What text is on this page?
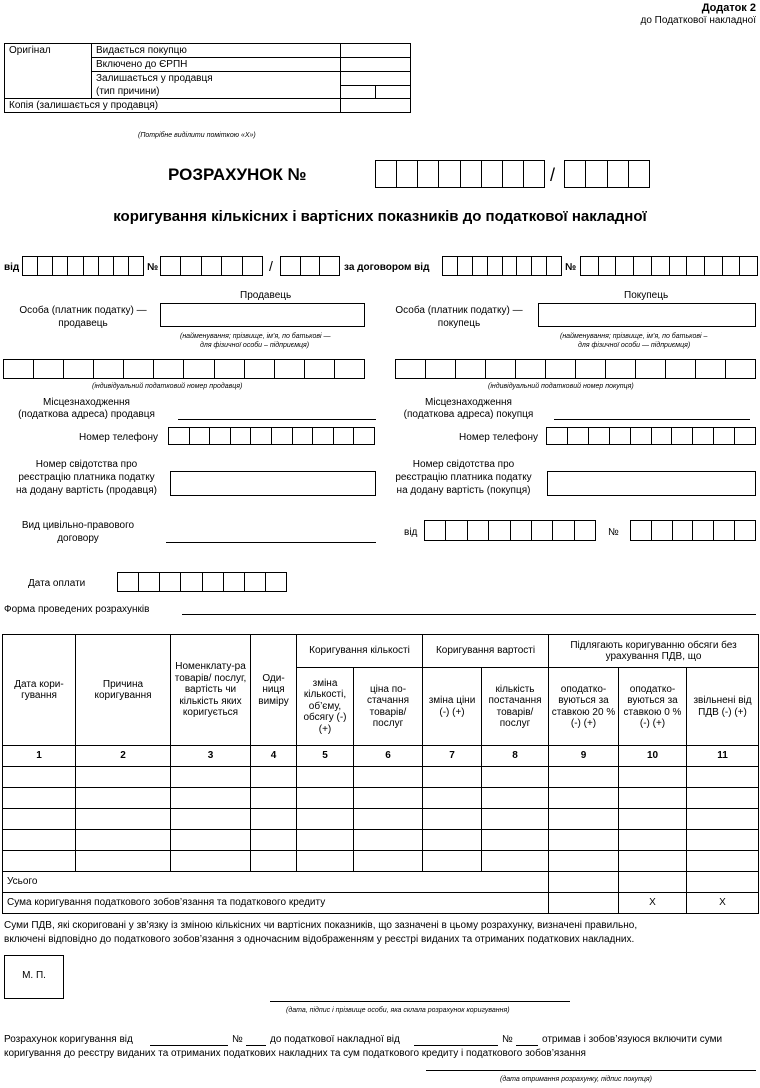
Додаток 2
до Податкової накладної
Оригінал	Видається покупцю		
	Включено до ЄРПН		
	Залишається у продавця		
	(тип причини)		
Копія (залишається у продавця)			
(Потрібне виділити поміткою «Х»)
РОЗРАХУНОК №	/
коригування кількісних і вартісних показників до податкової накладної
від	№	/	за договором від	№
Продавець	Покупець
Особа (платник податку) —
продавець
(найменування; прізвище, ім’я, по батькові —
для фізичної особи – підприємця)
Особа (платник податку) —
покупець
(найменування; прізвище, ім’я, по батькові –
для фізичної особи — підприємця)
(індивідуальний податковий номер продавця)	(індивідуальний податковий номер покупця)
Місцезнаходження
(податкова адреса) продавця
Місцезнаходження
(податкова адреса) покупця
Номер телефону	Номер телефону
Номер свідотства про
реєстрацію платника податку
на додану вартість (продавця)
Номер свідотства про
реєстрацію платника податку
на додану вартість (покупця)
Вид цивільно-правового
договору
від	№
Дата оплати
Форма проведених розрахунків
Дата кори-гування	Причина коригування	Номенклату-ра товарів/ послуг, вартість чи кількість яких коригується	Оди-ниця виміру	Коригування кількості		Коригування вартості		Підлягають коригуванню обсяги без урахування ПДВ, що		
				зміна кількості, об’єму, обсягу (-) (+)	ціна по-стачання товарів/ послуг	зміна ціни (-) (+)	кількість постачання товарів/ послуг	оподатко-вуються за ставкою 20 % (-) (+)	оподатко-вуються за ставкою 0 % (-) (+)	звільнені від ПДВ (-) (+)
1	2	3	4	5	6	7	8	9	10	11

Усього										
Сума коригування податкового зобов’язання та податкового кредиту									X	X
Суми ПДВ, які скориговані у зв’язку із зміною кількісних чи вартісних показників, що зазначені в цьому розрахунку, визначені правильно,
включені відповідно до податкового зобов’язання з одночасним відображенням у реєстрі виданих та отриманих податкових накладних.
М. П.
(дата, підпис і прізвище особи, яка склала розрахунок коригування)
Розрахунок коригування від	№	до податкової накладної від	№	отримав і зобов’язуюся включити суми
коригування до реєстру виданих та отриманих податкових накладних та сум податкового кредиту і податкового зобов’язання
(дата отримання розрахунку, підпис покупця)
